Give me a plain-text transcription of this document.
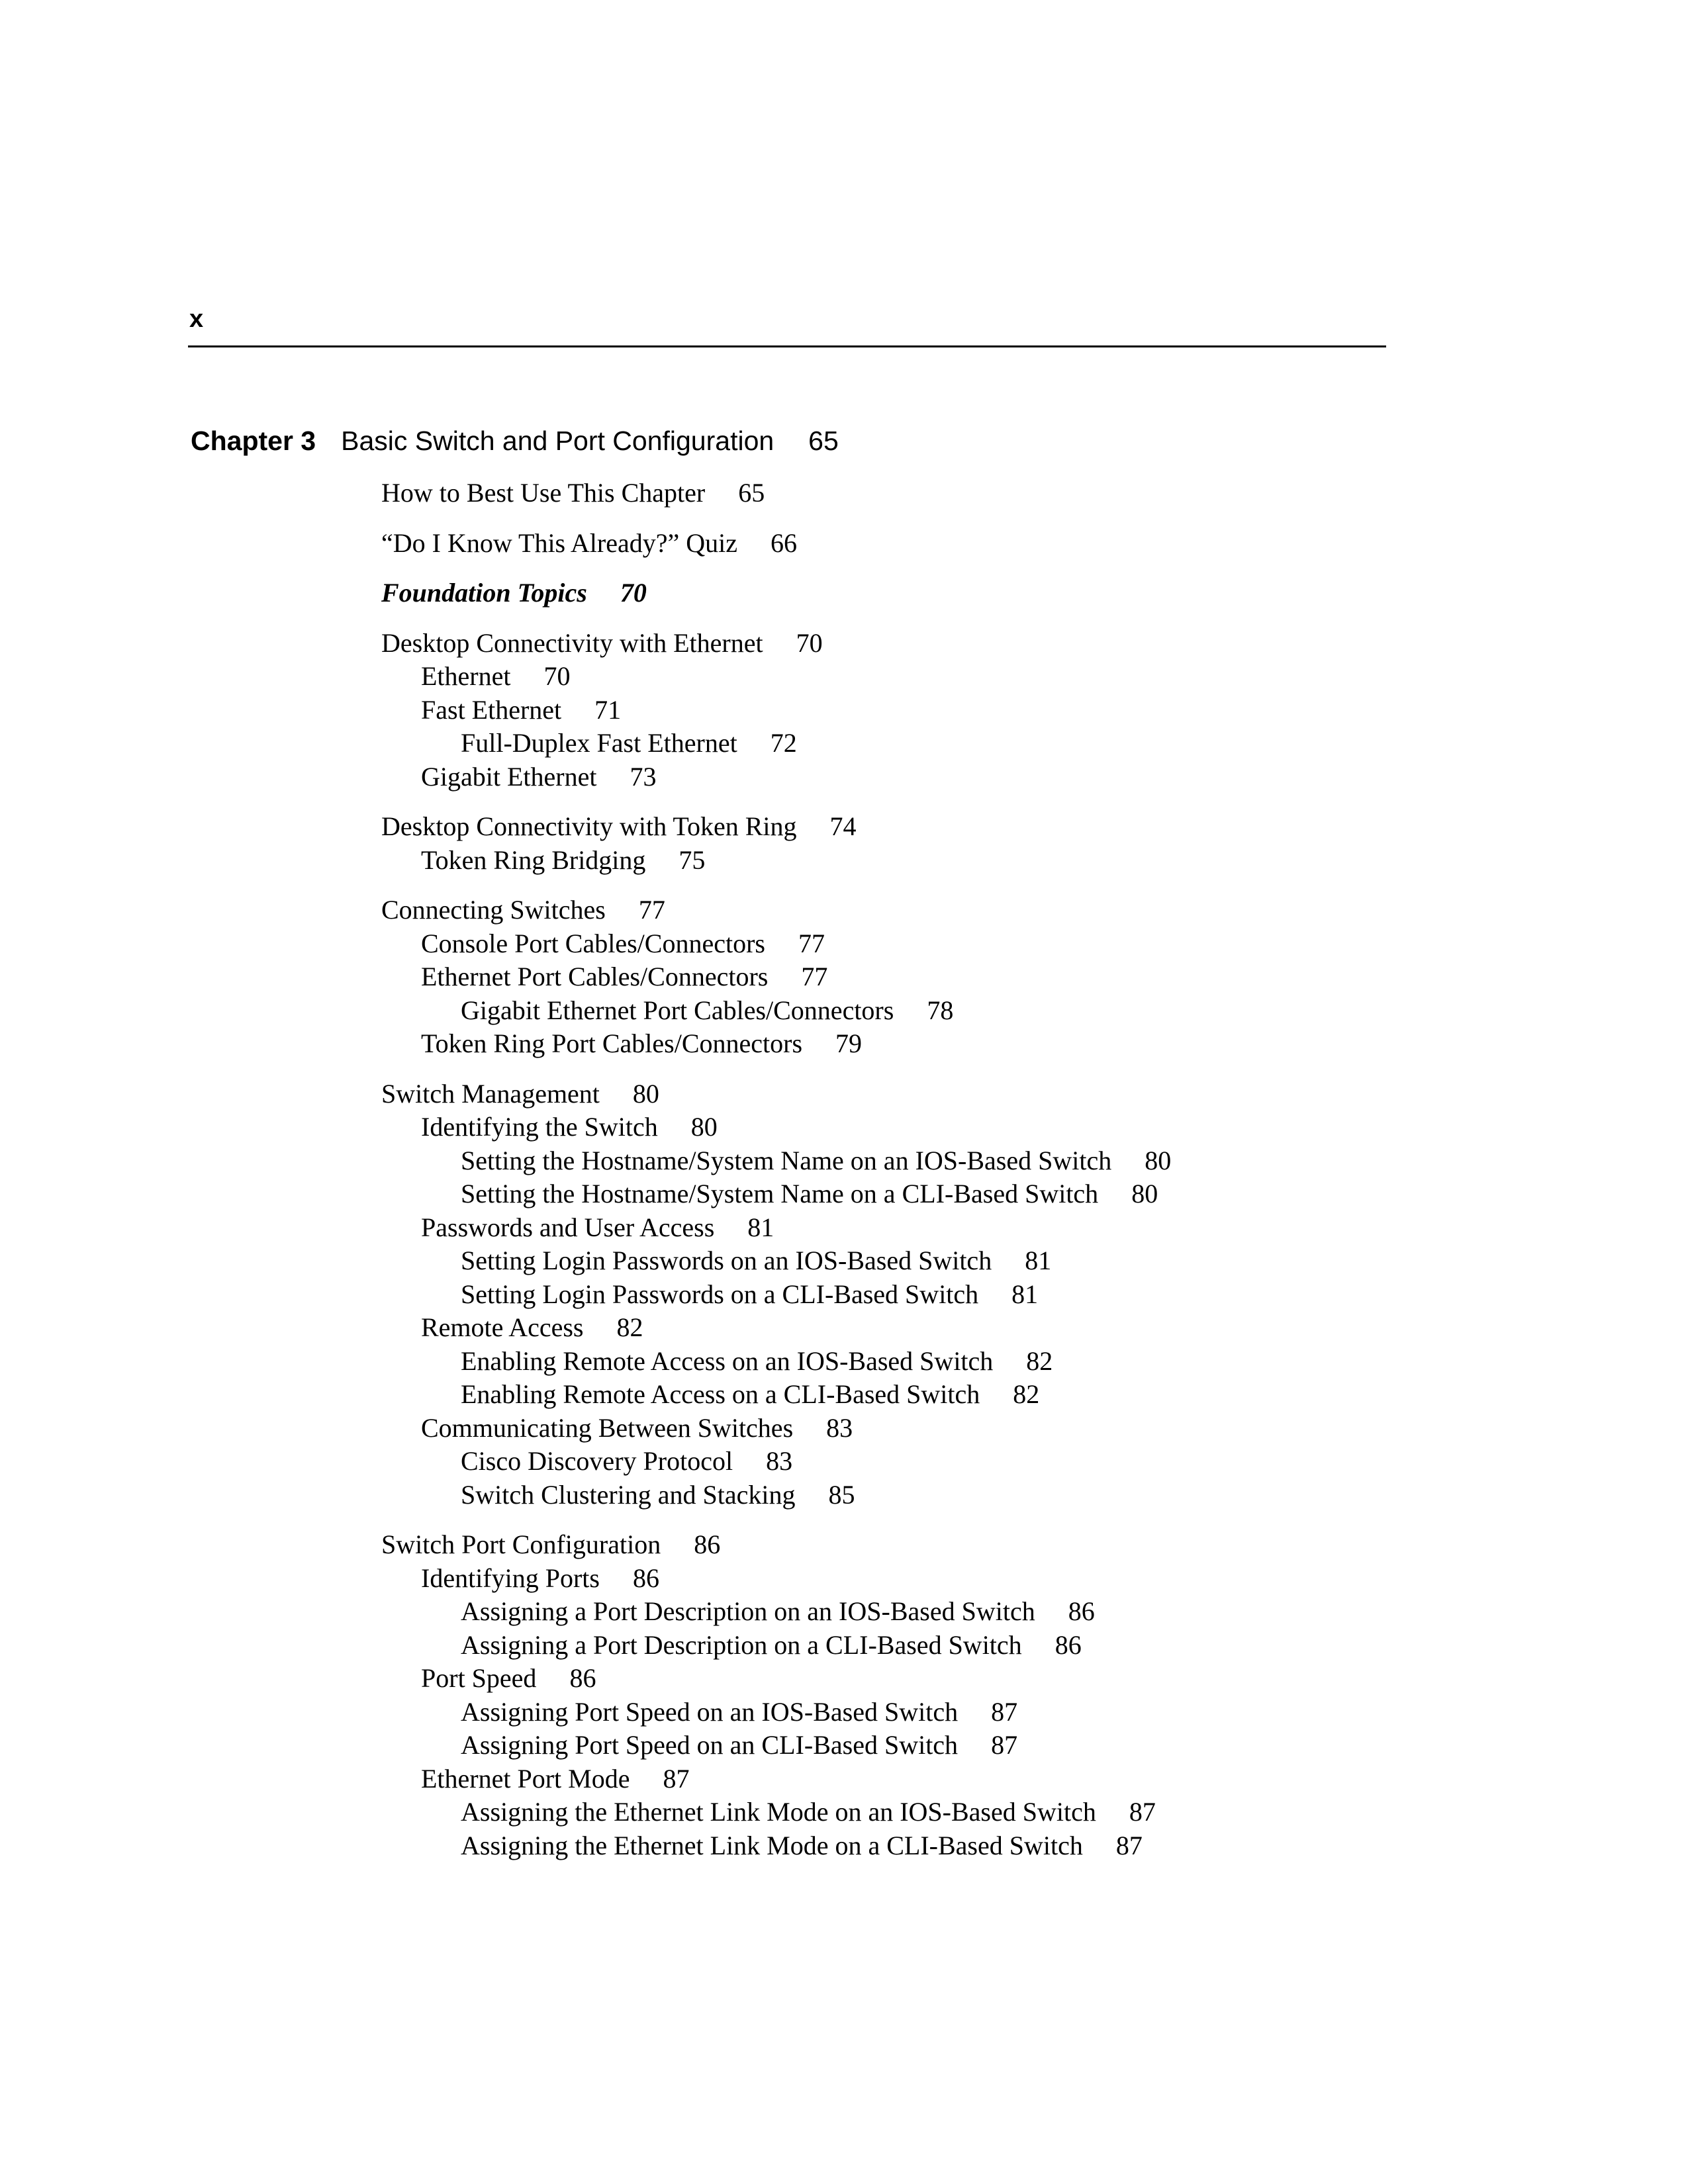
x
Chapter 3 Basic Switch and Port Configuration 65
How to Best Use This Chapter 65
“Do I Know This Already?” Quiz 66
Foundation Topics 70
Desktop Connectivity with Ethernet 70
Ethernet 70
Fast Ethernet 71
Full-Duplex Fast Ethernet 72
Gigabit Ethernet 73
Desktop Connectivity with Token Ring 74
Token Ring Bridging 75
Connecting Switches 77
Console Port Cables/Connectors 77
Ethernet Port Cables/Connectors 77
Gigabit Ethernet Port Cables/Connectors 78
Token Ring Port Cables/Connectors 79
Switch Management 80
Identifying the Switch 80
Setting the Hostname/System Name on an IOS-Based Switch 80
Setting the Hostname/System Name on a CLI-Based Switch 80
Passwords and User Access 81
Setting Login Passwords on an IOS-Based Switch 81
Setting Login Passwords on a CLI-Based Switch 81
Remote Access 82
Enabling Remote Access on an IOS-Based Switch 82
Enabling Remote Access on a CLI-Based Switch 82
Communicating Between Switches 83
Cisco Discovery Protocol 83
Switch Clustering and Stacking 85
Switch Port Configuration 86
Identifying Ports 86
Assigning a Port Description on an IOS-Based Switch 86
Assigning a Port Description on a CLI-Based Switch 86
Port Speed 86
Assigning Port Speed on an IOS-Based Switch 87
Assigning Port Speed on an CLI-Based Switch 87
Ethernet Port Mode 87
Assigning the Ethernet Link Mode on an IOS-Based Switch 87
Assigning the Ethernet Link Mode on a CLI-Based Switch 87
